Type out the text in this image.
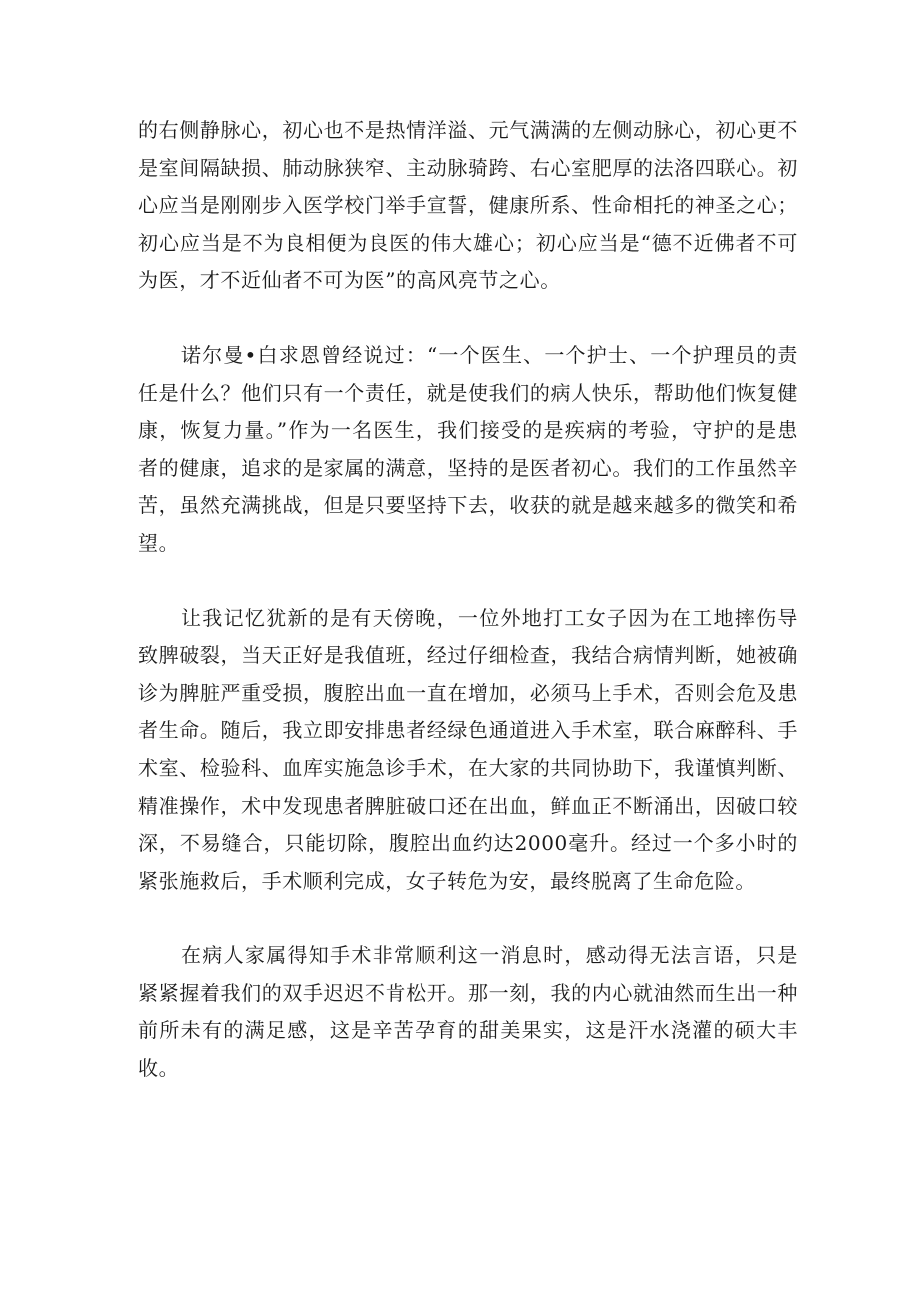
的右侧静脉心，初心也不是热情洋溢、元气满满的左侧动脉心，初心更不是室间隔缺损、肺动脉狭窄、主动脉骑跨、右心室肥厚的法洛四联心。初心应当是刚刚步入医学校门举手宣誓，健康所系、性命相托的神圣之心；初心应当是不为良相便为良医的伟大雄心；初心应当是“德不近佛者不可为医，才不近仙者不可为医”的高风亮节之心。

诺尔曼•白求恩曾经说过：“一个医生、一个护士、一个护理员的责任是什么？他们只有一个责任，就是使我们的病人快乐，帮助他们恢复健康，恢复力量。”作为一名医生，我们接受的是疾病的考验，守护的是患者的健康，追求的是家属的满意，坚持的是医者初心。我们的工作虽然辛苦，虽然充满挑战，但是只要坚持下去，收获的就是越来越多的微笑和希望。

让我记忆犹新的是有天傍晚，一位外地打工女子因为在工地摔伤导致脾破裂，当天正好是我值班，经过仔细检查，我结合病情判断，她被确诊为脾脏严重受损，腹腔出血一直在增加，必须马上手术，否则会危及患者生命。随后，我立即安排患者经绿色通道进入手术室，联合麻醉科、手术室、检验科、血库实施急诊手术，在大家的共同协助下，我谨慎判断、精准操作，术中发现患者脾脏破口还在出血，鲜血正不断涌出，因破口较深，不易缝合，只能切除，腹腔出血约达2000毫升。经过一个多小时的紧张施救后，手术顺利完成，女子转危为安，最终脱离了生命危险。

在病人家属得知手术非常顺利这一消息时，感动得无法言语，只是紧紧握着我们的双手迟迟不肯松开。那一刻，我的内心就油然而生出一种前所未有的满足感，这是辛苦孕育的甜美果实，这是汗水浇灌的硕大丰收。
